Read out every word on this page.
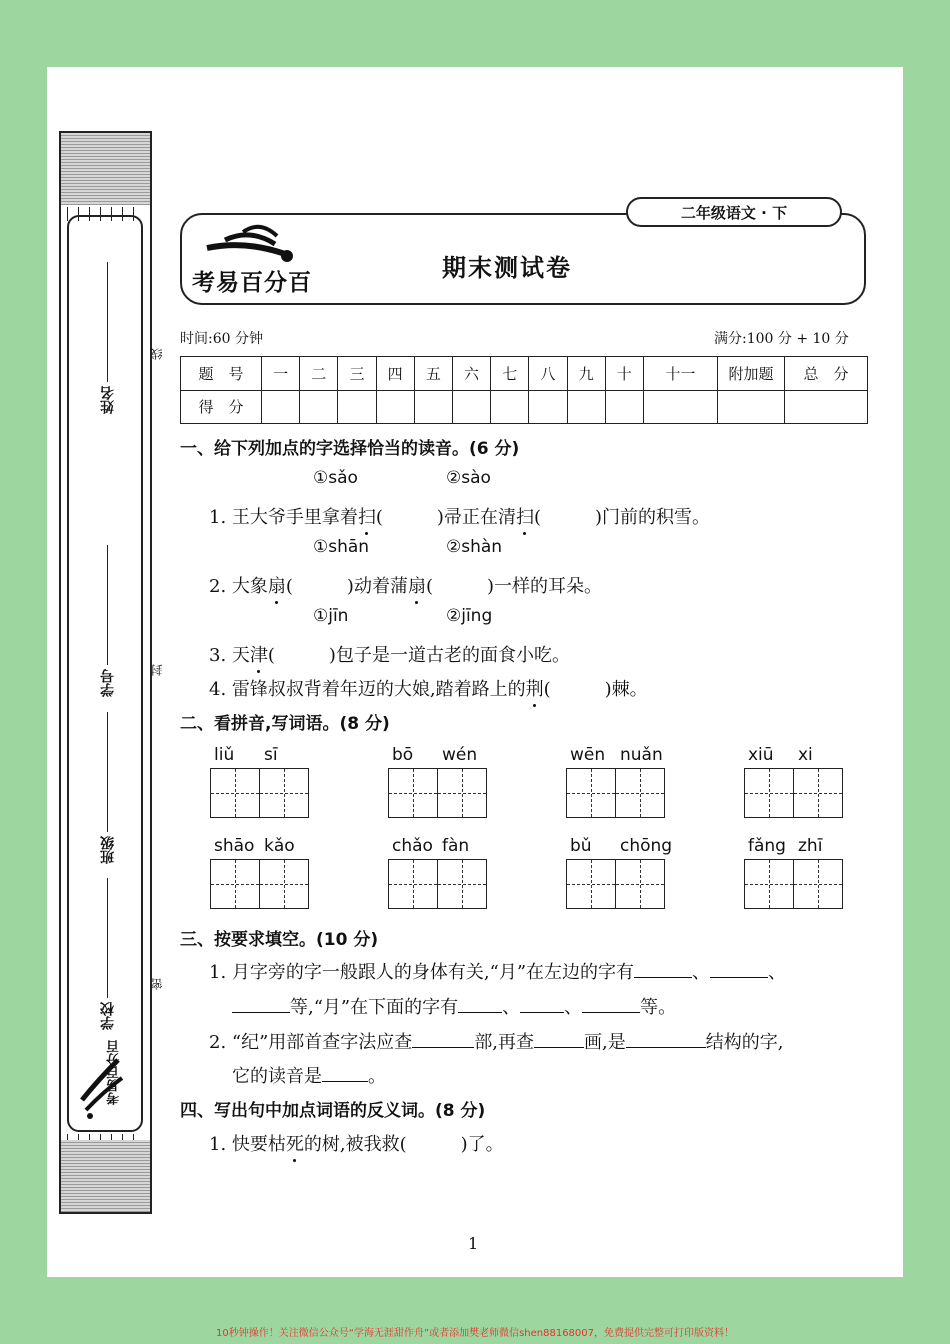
姓名
学号
班级
学校
线
封
密
考易百分百
二年级语文 · 下
考易百分百
期末测试卷
时间:60 分钟	满分:100 分 + 10 分
题　号	一	二	三	四	五	六	七	八	九	十	十一	附加题	总　分
得　分													
一、给下列加点的字选择恰当的读音。(6 分)
①sǎo	②sào
1. 王大爷手里拿着扫(　　　)帚正在清扫(　　　)门前的积雪。
①shān	②shàn
2. 大象扇(　　　)动着蒲扇(　　　)一样的耳朵。
①jīn	②jīng
3. 天津(　　　)包子是一道古老的面食小吃。
4. 雷锋叔叔背着年迈的大娘,踏着路上的荆(　　　)棘。
二、看拼音,写词语。(8 分)
liǔ sī	bō wén	wēn nuǎn	xiū xi
shāo kǎo	chǎo fàn	bǔ chōng	fǎng zhī
三、按要求填空。(10 分)
1. 月字旁的字一般跟人的身体有关,“月”在左边的字有	、	、
等,“月”在下面的字有 、 、	等。
2. “纪”用部首查字法应查	部,再查	画,是	结构的字,
它的读音是	。
四、写出句中加点词语的反义词。(8 分)
1. 快要枯死的树,被我救(　　　)了。
1
10秒钟操作！关注微信公众号“学海无涯甜作舟”或者添加樊老师微信shen88168007，免费提供完整可打印版资料！
